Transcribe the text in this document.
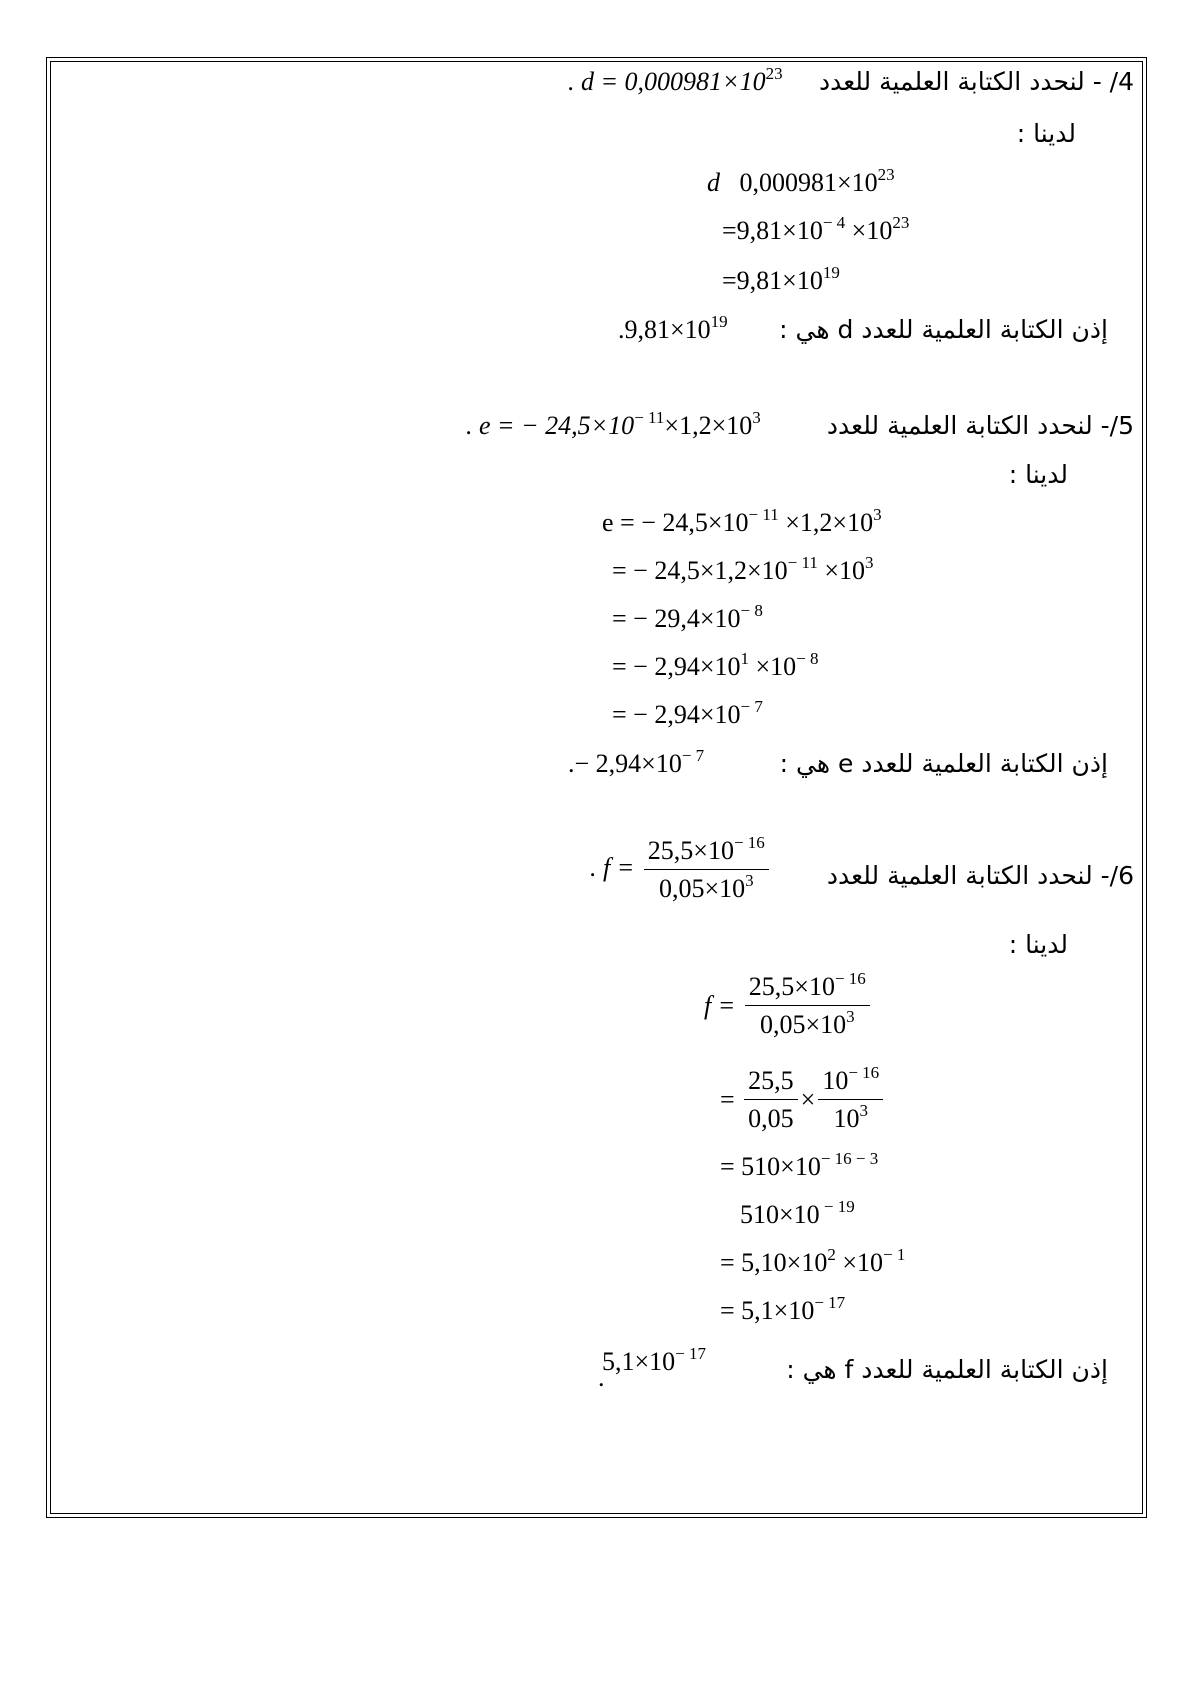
4/ - لنحدد الكتابة العلمية للعدد
. $d = 0,000981\times 10^{23}$
لدينا :
d $0,000981\times 10^{23}$
$=9,81\times 10^{- 4} \times 10^{23}$
$=9,81\times 10^{19}$
إذن الكتابة العلمية للعدد d هي :
$.9,81\times 10^{19}$
5/- لنحدد الكتابة العلمية للعدد
. e = − $24,5\times 10^{- 11}\times 1,2\times 10^3$
لدينا :
e = − $24,5\times 10^{- 11} \times 1,2\times 10^3$
= − $24,5\times 1,2\times 10^{- 11} \times 10^3$
= − $29,4\times 10^{- 8}$
= − $2,94\times 10^1 \times 10^{- 8}$
= − $2,94\times 10^{- 7}$
إذن الكتابة العلمية للعدد e هي :
.− $2,94\times 10^{- 7}$
6/- لنحدد الكتابة العلمية للعدد
. $f = \frac{25,5\times 10^{- 16}}{0,05\times 10^3}$
لدينا :
$f = \frac{25,5\times 10^{- 16}}{0,05\times 10^3}$
= $\frac{25,5}{0,05} \times \frac{10^{- 16}}{10^3}$
= $510\times 10^{- 16 - 3}$
510×10 $^{- 19}$
= $5,10\times 10^2 \times 10^{- 1}$
= $5,1\times 10^{- 17}$
إذن الكتابة العلمية للعدد f هي :
$5,1\times 10^{- 17}$
.
